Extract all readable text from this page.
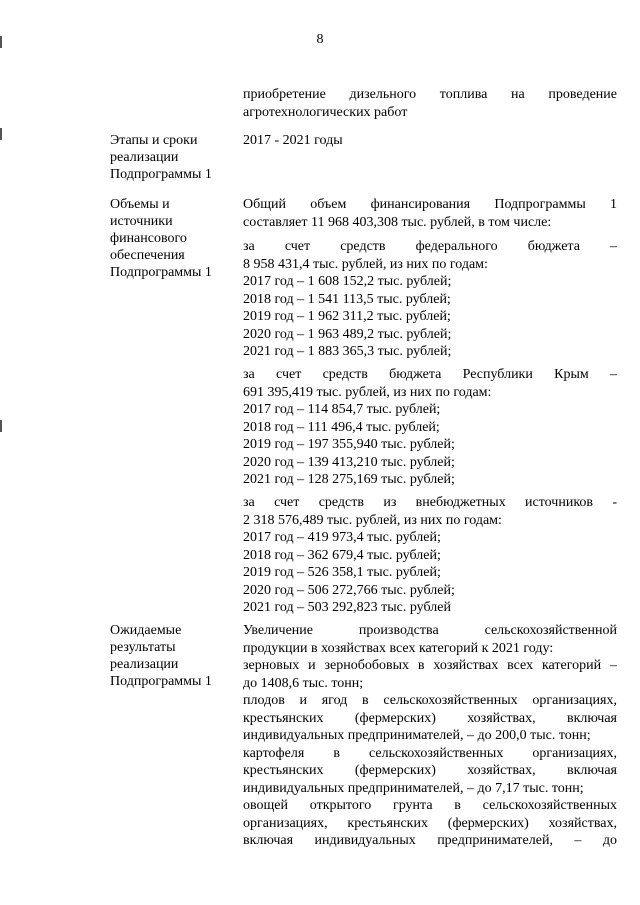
8
приобретение дизельного топлива на проведение
агротехнологических работ
Этапы и сроки
реализации
Подпрограммы 1
2017 - 2021 годы
Объемы и
источники
финансового
обеспечения
Подпрограммы 1
Общий объем финансирования Подпрограммы 1
составляет 11 968 403,308 тыс. рублей, в том числе:
за счет средств федерального бюджета –
8 958 431,4 тыс. рублей, из них по годам:
2017 год – 1 608 152,2 тыс. рублей;
2018 год – 1 541 113,5 тыс. рублей;
2019 год – 1 962 311,2 тыс. рублей;
2020 год – 1 963 489,2 тыс. рублей;
2021 год – 1 883 365,3 тыс. рублей;
за счет средств бюджета Республики Крым –
691 395,419 тыс. рублей, из них по годам:
2017 год – 114 854,7 тыс. рублей;
2018 год – 111 496,4 тыс. рублей;
2019 год – 197 355,940 тыс. рублей;
2020 год – 139 413,210 тыс. рублей;
2021 год – 128 275,169 тыс. рублей;
за счет средств из внебюджетных источников -
2 318 576,489 тыс. рублей, из них по годам:
2017 год – 419 973,4 тыс. рублей;
2018 год – 362 679,4 тыс. рублей;
2019 год – 526 358,1 тыс. рублей;
2020 год – 506 272,766 тыс. рублей;
2021 год – 503 292,823 тыс. рублей
Ожидаемые
результаты
реализации
Подпрограммы 1
Увеличение производства сельскохозяйственной
продукции в хозяйствах всех категорий к 2021 году:
зерновых и зернобобовых в хозяйствах всех категорий –
до 1408,6 тыс. тонн;
плодов и ягод в сельскохозяйственных организациях,
крестьянских (фермерских) хозяйствах, включая
индивидуальных предпринимателей, – до 200,0 тыс. тонн;
картофеля в сельскохозяйственных организациях,
крестьянских (фермерских) хозяйствах, включая
индивидуальных предпринимателей, – до 7,17 тыс. тонн;
овощей открытого грунта в сельскохозяйственных
организациях, крестьянских (фермерских) хозяйствах,
включая индивидуальных предпринимателей, – до
